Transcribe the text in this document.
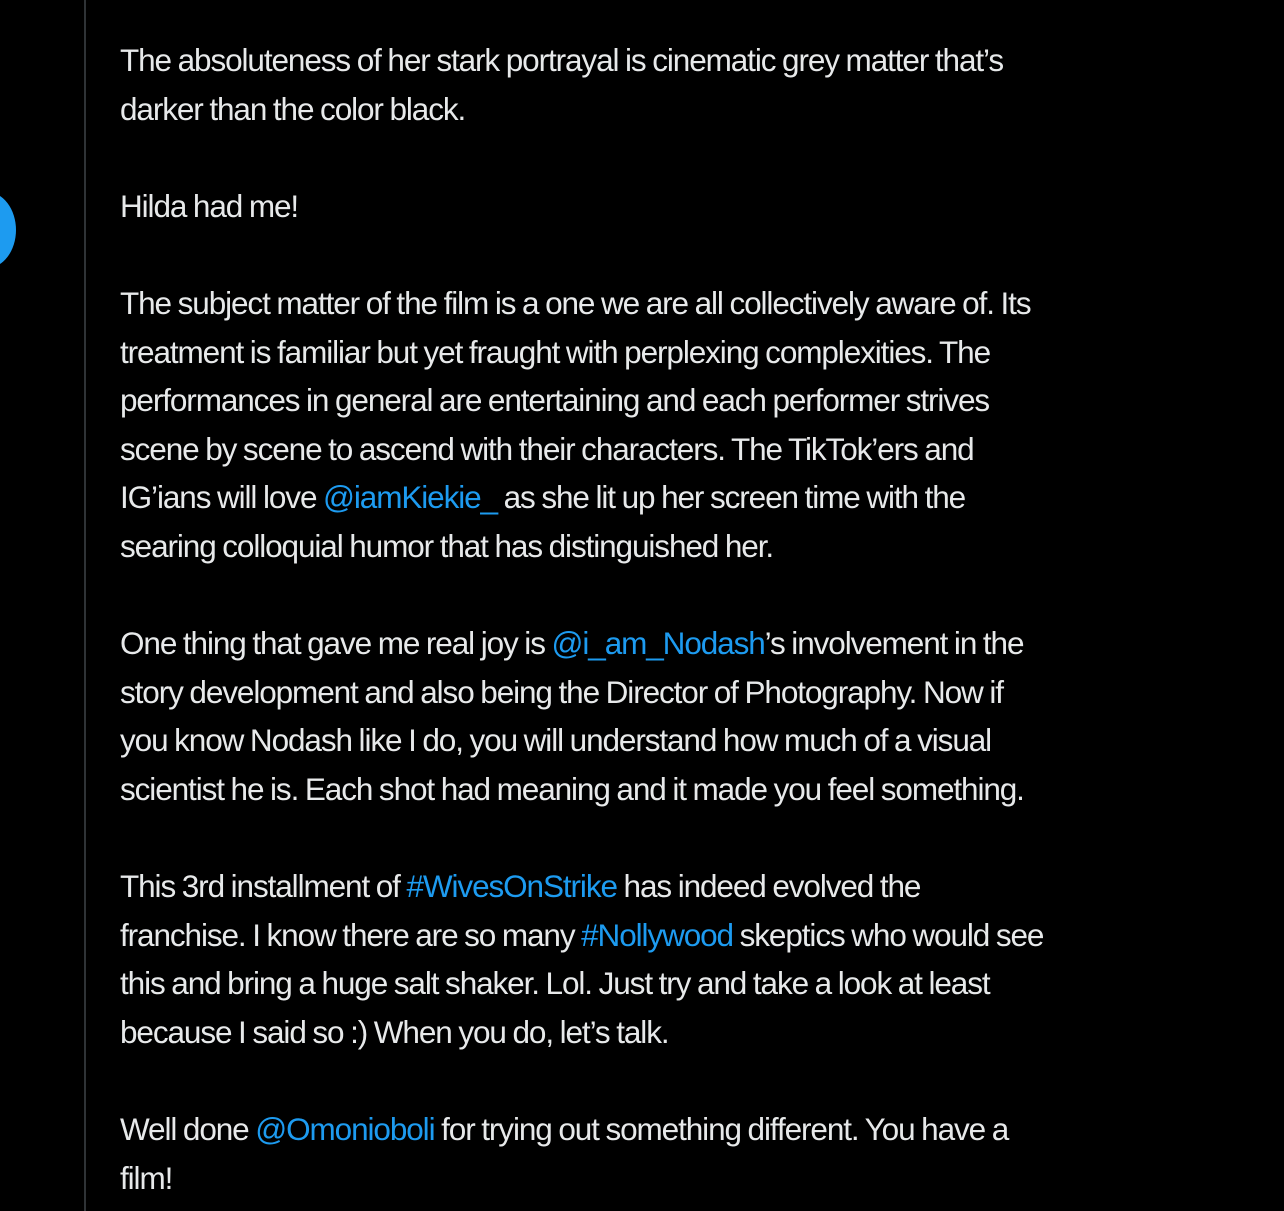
The absoluteness of her stark portrayal is cinematic grey matter that’s
darker than the color black.

Hilda had me!

The subject matter of the film is a one we are all collectively aware of. Its
treatment is familiar but yet fraught with perplexing complexities. The
performances in general are entertaining and each performer strives
scene by scene to ascend with their characters. The TikTok’ers and
IG’ians will love @iamKiekie_ as she lit up her screen time with the
searing colloquial humor that has distinguished her.

One thing that gave me real joy is @i_am_Nodash’s involvement in the
story development and also being the Director of Photography. Now if
you know Nodash like I do, you will understand how much of a visual
scientist he is. Each shot had meaning and it made you feel something.

This 3rd installment of #WivesOnStrike has indeed evolved the
franchise. I know there are so many #Nollywood skeptics who would see
this and bring a huge salt shaker. Lol. Just try and take a look at least
because I said so :) When you do, let’s talk.

Well done @Omonioboli for trying out something different. You have a
film!
